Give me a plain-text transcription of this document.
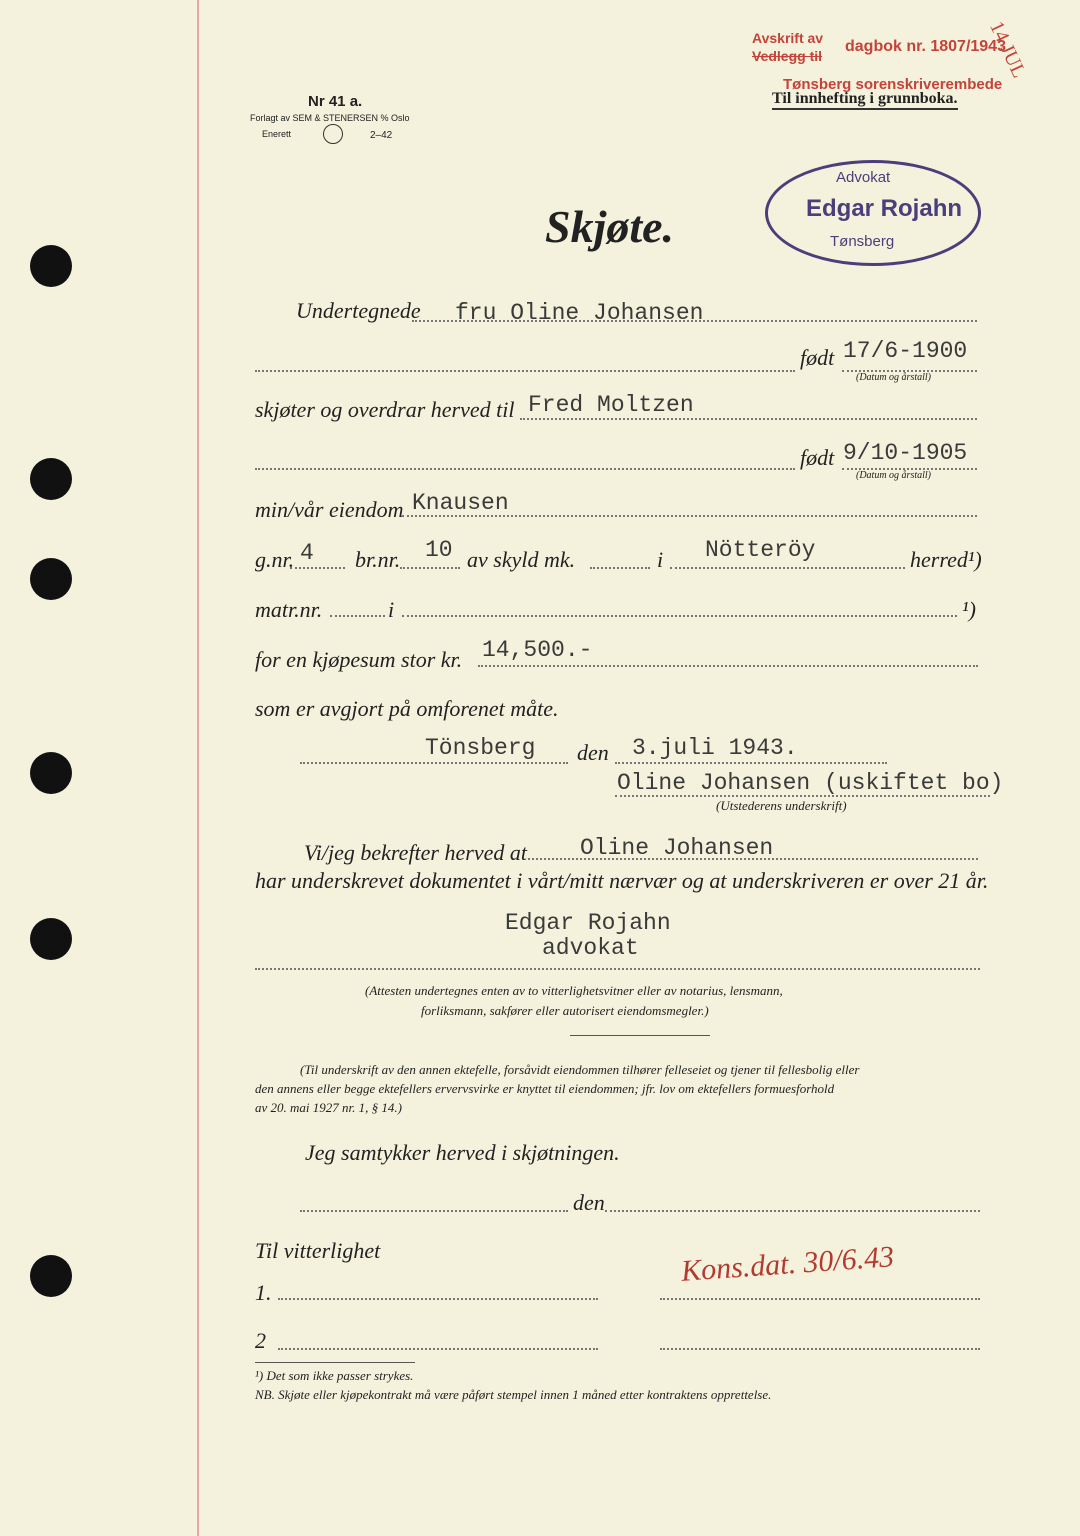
Nr 41 a.
Forlagt av SEM & STENERSEN % Oslo
Enerett	2–42
Avskrift av
Vedlegg til
dagbok nr. 1807/1943
Tønsberg sorenskriverembede
14 JUL
Til innhefting i grunnboka.
Advokat
Edgar Rojahn
Tønsberg
Skjøte.
Undertegnede fru Oline Johansen
født 17/6-1900
(Datum og årstall)
skjøter og overdrar herved til Fred Moltzen
født 9/10-1905
(Datum og årstall)
min/vår eiendom Knausen
g.nr. 4 br.nr. 10 av skyld mk.	i Nötteröy	herred¹)
matr.nr.	i	¹)
for en kjøpesum stor kr. 14,500.-
som er avgjort på omforenet måte.
Tönsberg den 3.juli 1943.
Oline Johansen (uskiftet bo)
(Utstederens underskrift)
Vi/jeg bekrefter herved at Oline Johansen
har underskrevet dokumentet i vårt/mitt nærvær og at underskriveren er over 21 år.
Edgar Rojahn
advokat
(Attesten undertegnes enten av to vitterlighetsvitner eller av notarius, lensmann,
forliksmann, sakfører eller autorisert eiendomsmegler.)
(Til underskrift av den annen ektefelle, forsåvidt eiendommen tilhører felleseiet og tjener til fellesbolig eller
den annens eller begge ektefellers ervervsvirke er knyttet til eiendommen; jfr. lov om ektefellers formuesforhold
av 20. mai 1927 nr. 1, § 14.)
Jeg samtykker herved i skjøtningen.
den
Til vitterlighet
1.
Kons.dat. 30/6.43
2
¹) Det som ikke passer strykes.
NB. Skjøte eller kjøpekontrakt må være påført stempel innen 1 måned etter kontraktens opprettelse.
